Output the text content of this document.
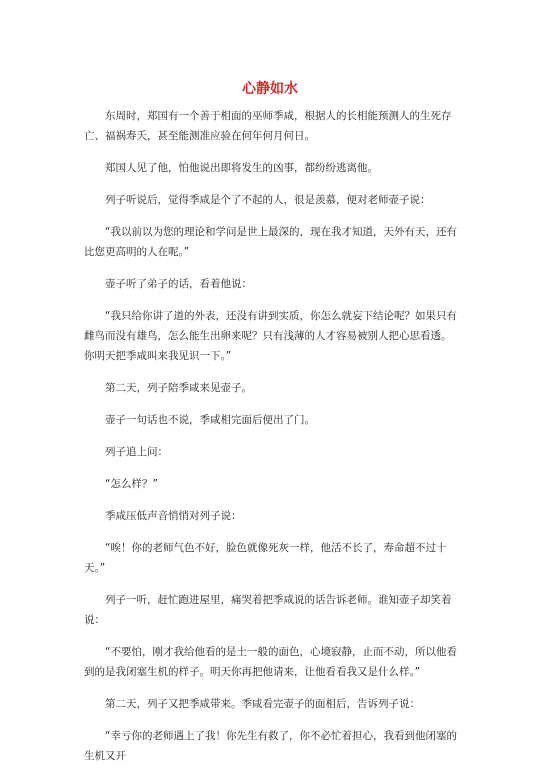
心静如水

东周时，郑国有一个善于相面的巫师季咸，根据人的长相能预测人的生死存亡、福祸寿夭，甚至能测准应验在何年何月何日。

郑国人见了他，怕他说出即将发生的凶事，都纷纷逃离他。

列子听说后，觉得季咸是个了不起的人，很是羡慕，便对老师壶子说：

“我以前以为您的理论和学问是世上最深的，现在我才知道，天外有天，还有比您更高明的人在呢。”

壶子听了弟子的话，看着他说：

“我只给你讲了道的外表，还没有讲到实质，你怎么就妄下结论呢？如果只有雌鸟而没有雄鸟，怎么能生出卵来呢？只有浅薄的人才容易被别人把心思看透。你明天把季咸叫来我见识一下。”

第二天，列子陪季咸来见壶子。

壶子一句话也不说，季咸相完面后便出了门。

列子追上问：

“怎么样？”

季咸压低声音悄悄对列子说：

“唉！你的老师气色不好，脸色就像死灰一样，他活不长了，寿命超不过十天。”

列子一听，赶忙跑进屋里，痛哭着把季咸说的话告诉老师。谁知壶子却笑着说：

“不要怕，刚才我给他看的是土一般的面色，心境寂静，止而不动，所以他看到的是我闭塞生机的样子。明天你再把他请来，让他看看我又是什么样。”

第二天，列子又把季咸带来。季咸看完壶子的面相后，告诉列子说：

“幸亏你的老师遇上了我！你先生有救了，你不必忙着担心，我看到他闭塞的生机又开
